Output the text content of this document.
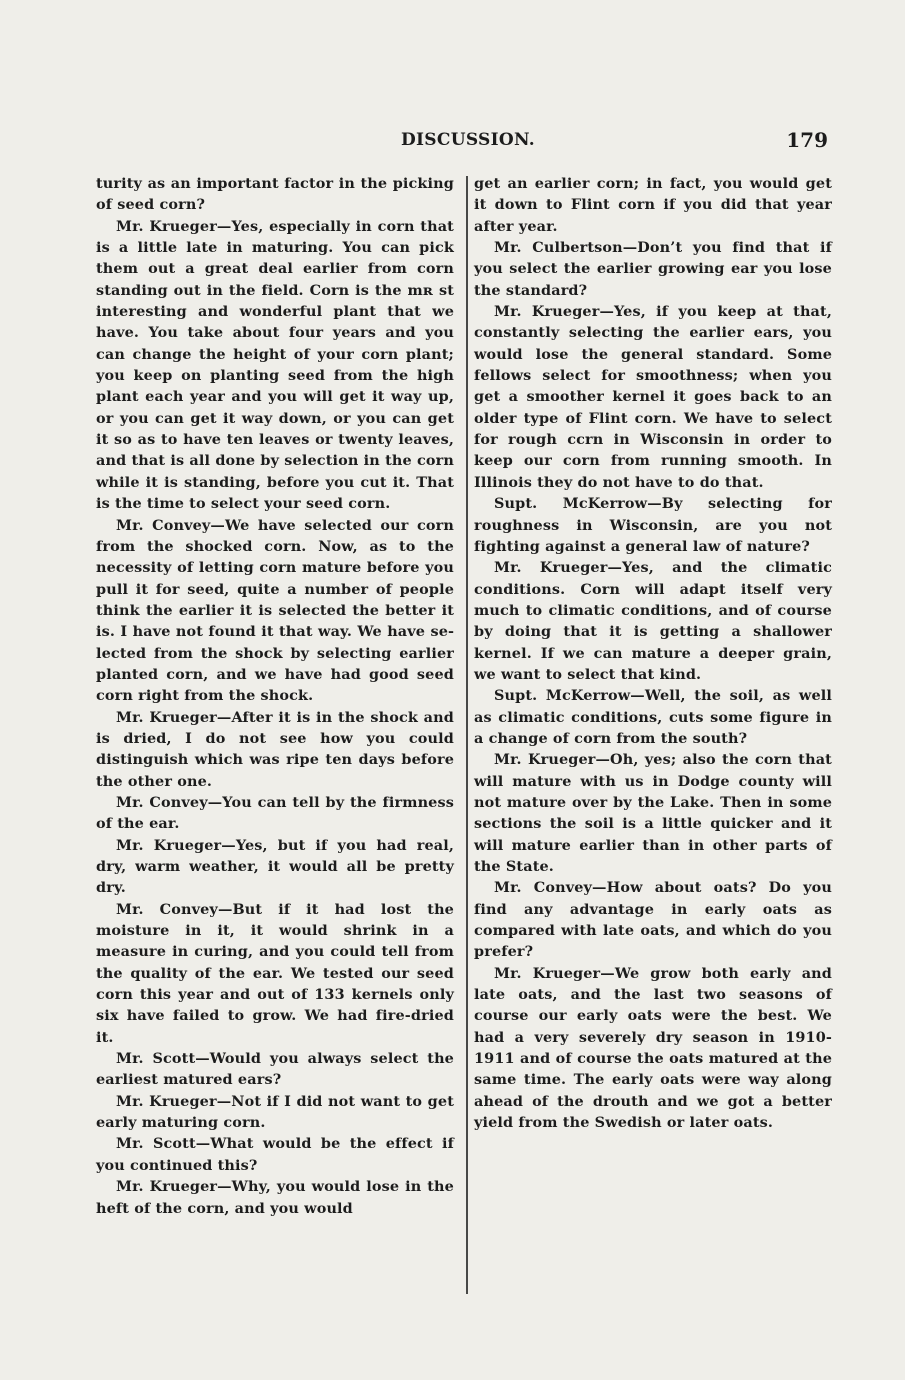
DISCUSSION.	179

turity as an important factor in the picking of seed corn?

Mr. Krueger—Yes, especially in corn that is a little late in maturing. You can pick them out a great deal earlier from corn standing out in the field. Corn is the mʀ st interesting and wonderful plant that we have. You take about four years and you can change the height of your corn plant; you keep on planting seed from the high plant each year and you will get it way up, or you can get it way down, or you can get it so as to have ten leaves or twenty leaves, and that is all done by selection in the corn while it is standing, before you cut it. That is the time to select your seed corn.

Mr. Convey—We have selected our corn from the shocked corn. Now, as to the necessity of letting corn mature before you pull it for seed, quite a number of people think the earlier it is selected the better it is. I have not found it that way. We have selected from the shock by selecting earlier planted corn, and we have had good seed corn right from the shock.

Mr. Krueger—After it is in the shock and is dried, I do not see how you could distinguish which was ripe ten days before the other one.

Mr. Convey—You can tell by the firmness of the ear.

Mr. Krueger—Yes, but if you had real, dry, warm weather, it would all be pretty dry.

Mr. Convey—But if it had lost the moisture in it, it would shrink in a measure in curing, and you could tell from the quality of the ear. We tested our seed corn this year and out of 133 kernels only six have failed to grow. We had fire-dried it.

Mr. Scott—Would you always select the earliest matured ears?

Mr. Krueger—Not if I did not want to get early maturing corn.

Mr. Scott—What would be the effect if you continued this?

Mr. Krueger—Why, you would lose in the heft of the corn, and you would

get an earlier corn; in fact, you would get it down to Flint corn if you did that year after year.

Mr. Culbertson—Don’t you find that if you select the earlier growing ear you lose the standard?

Mr. Krueger—Yes, if you keep at that, constantly selecting the earlier ears, you would lose the general standard. Some fellows select for smoothness; when you get a smoother kernel it goes back to an older type of Flint corn. We have to select for rough ccrn in Wisconsin in order to keep our corn from running smooth. In Illinois they do not have to do that.

Supt. McKerrow—By selecting for roughness in Wisconsin, are you not fighting against a general law of nature?

Mr. Krueger—Yes, and the climatic conditions. Corn will adapt itself very much to climatic conditions, and of course by doing that it is getting a shallower kernel. If we can mature a deeper grain, we want to select that kind.

Supt. McKerrow—Well, the soil, as well as climatic conditions, cuts some figure in a change of corn from the south?

Mr. Krueger—Oh, yes; also the corn that will mature with us in Dodge county will not mature over by the Lake. Then in some sections the soil is a little quicker and it will mature earlier than in other parts of the State.

Mr. Convey—How about oats? Do you find any advantage in early oats as compared with late oats, and which do you prefer?

Mr. Krueger—We grow both early and late oats, and the last two seasons of course our early oats were the best. We had a very severely dry season in 1910-1911 and of course the oats matured at the same time. The early oats were way along ahead of the drouth and we got a better yield from the Swedish or later oats.
